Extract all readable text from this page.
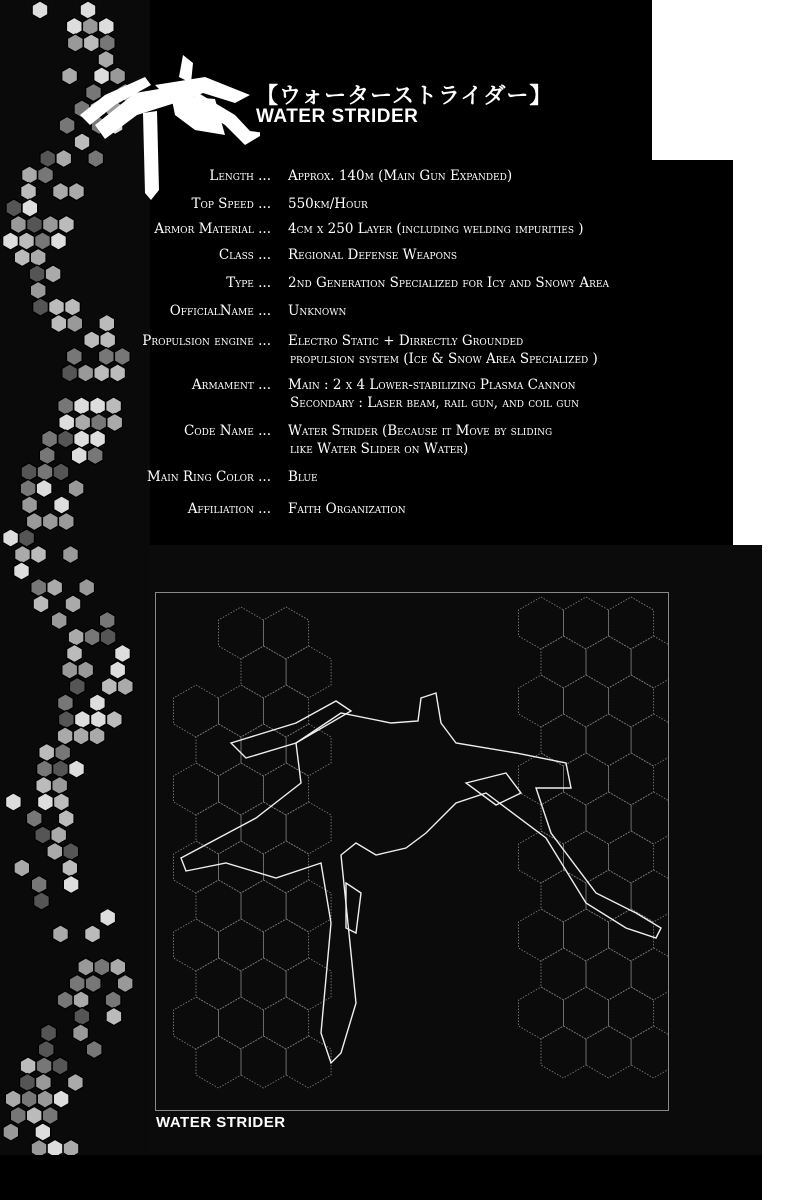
【ウォーターストライダー】
WATER STRIDER
Length ... Approx. 140m (Main Gun Expanded)
Top Speed ... 550km/Hour
Armor Material ... 4cm x 250 Layer (including welding impurities )
Class ... Regional Defense Weapons
Type ... 2nd Generation Specialized for Icy and Snowy Area
OfficialName ... Unknown
Propulsion engine ... Electro Static + Dirrectly Grounded
propulsion system (Ice & Snow Area Specialized )
Armament ... Main : 2 x 4 Lower-stabilizing Plasma Cannon
Secondary : Laser beam, rail gun, and coil gun
Code Name ... Water Strider (Because it Move by sliding
like Water Slider on Water)
Main Ring Color ... Blue
Affiliation ... Faith Organization
WATER STRIDER
